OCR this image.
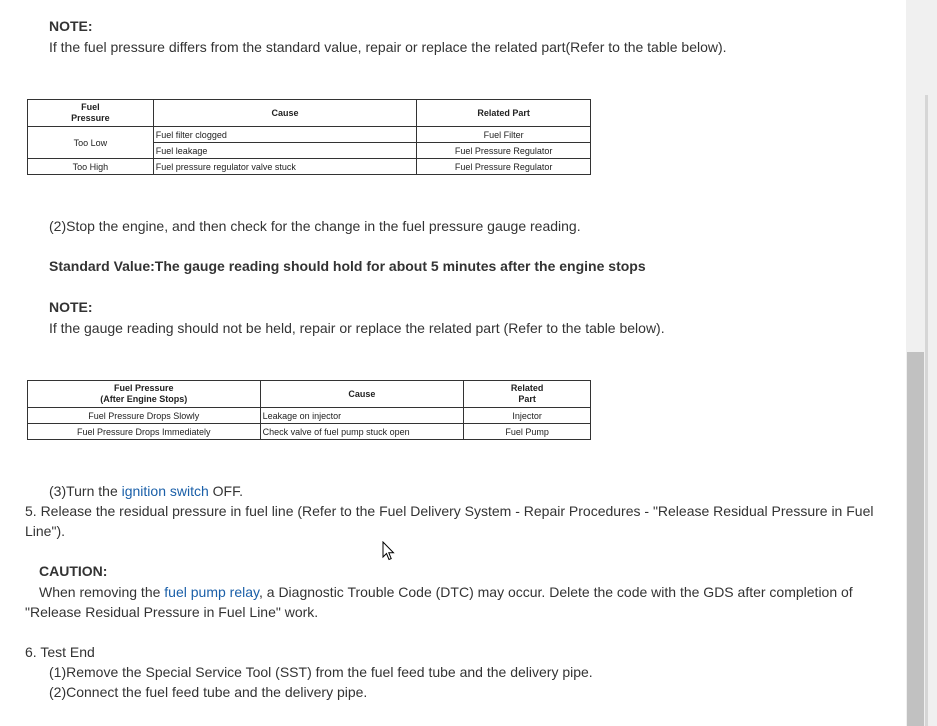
NOTE:
If the fuel pressure differs from the standard value, repair or replace the related part(Refer to the table below).
Fuel
Pressure	Cause	Related Part
Too Low	Fuel filter clogged	Fuel Filter
	Fuel leakage	Fuel Pressure Regulator
Too High	Fuel pressure regulator valve stuck	Fuel Pressure Regulator
(2)Stop the engine, and then check for the change in the fuel pressure gauge reading.
Standard Value:The gauge reading should hold for about 5 minutes after the engine stops
NOTE:
If the gauge reading should not be held, repair or replace the related part (Refer to the table below).
Fuel Pressure
(After Engine Stops)	Cause	Related
Part
Fuel Pressure Drops Slowly	Leakage on injector	Injector
Fuel Pressure Drops Immediately	Check valve of fuel pump stuck open	Fuel Pump
(3)Turn the ignition switch OFF.
5. Release the residual pressure in fuel line (Refer to the Fuel Delivery System - Repair Procedures - "Release Residual Pressure in Fuel Line").
CAUTION:
When removing the fuel pump relay, a Diagnostic Trouble Code (DTC) may occur. Delete the code with the GDS after completion of "Release Residual Pressure in Fuel Line" work.
6. Test End
(1)Remove the Special Service Tool (SST) from the fuel feed tube and the delivery pipe.
(2)Connect the fuel feed tube and the delivery pipe.
